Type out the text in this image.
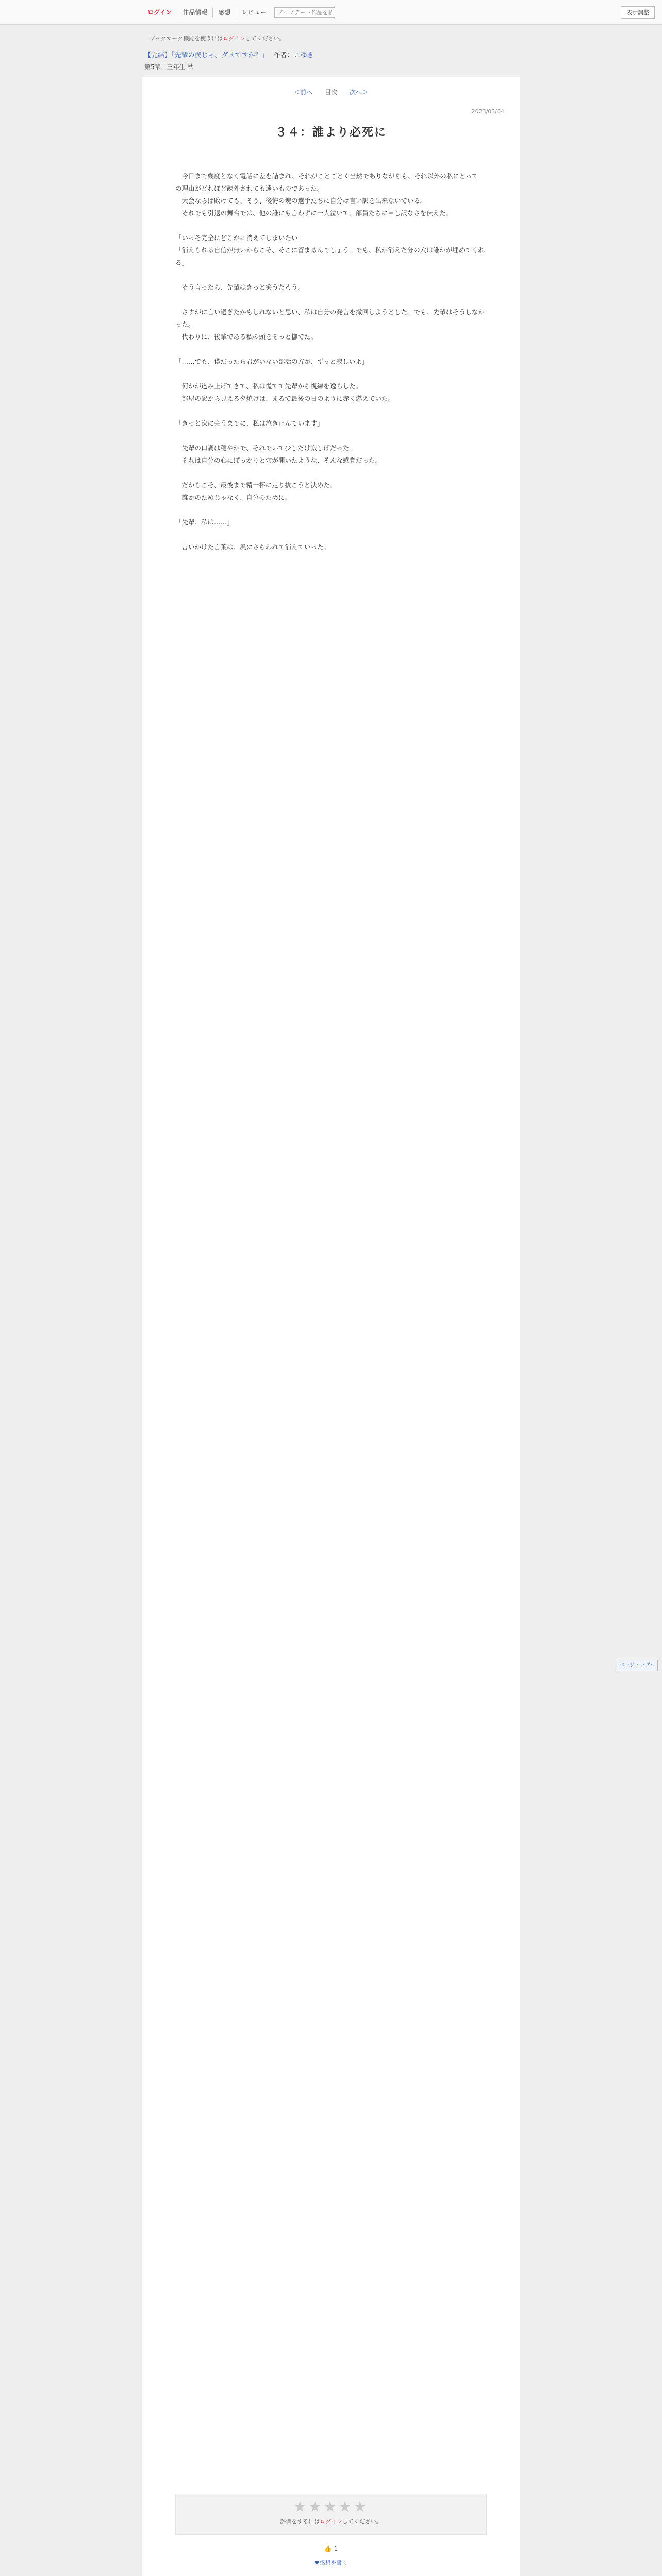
ログイン	作品情報	感想	レビュー
アップデート作品を検索	表示調整
ブックマーク機能を使うにはログインしてください。
【完結】「先輩の僕じゃ、ダメですか？」 作者：こゆき
第5章：三年生 秋
＜前へ 目次 次へ＞
2023/03/04
３４：誰より必死に
　今日まで幾度となく電話に差を詰まれ、それがことごとく当然でありながらも、それ以外の私にとっての理由がどれほど疎外されても遠いものであった。
　大会ならば敗けても、そう、後悔の塊の選手たちに自分は言い訳を出来ないでいる。
　それでも引退の舞台では、他の誰にも言わずに一人泣いて、部員たちに申し訳なさを伝えた。

「いっそ完全にどこかに消えてしまいたい」
「消えられる自信が無いからこそ、そこに留まるんでしょう。でも、私が消えた分の穴は誰かが埋めてくれる」

　そう言ったら、先輩はきっと笑うだろう。

　さすがに言い過ぎたかもしれないと思い、私は自分の発言を撤回しようとした。でも、先輩はそうしなかった。
　代わりに、後輩である私の頭をそっと撫でた。

「……でも、僕だったら君がいない部活の方が、ずっと寂しいよ」

　何かが込み上げてきて、私は慌てて先輩から視線を逸らした。
　部屋の窓から見える夕焼けは、まるで最後の日のように赤く燃えていた。

「きっと次に会うまでに、私は泣き止んでいます」

　先輩の口調は穏やかで、それでいて少しだけ寂しげだった。
　それは自分の心にぽっかりと穴が開いたような、そんな感覚だった。

　だからこそ、最後まで精一杯に走り抜こうと決めた。
　誰かのためじゃなく、自分のために。

「先輩、私は……」

　言いかけた言葉は、風にさらわれて消えていった。
★★★★★
評価をするにはログインしてください。
👍 1
♥感想を書く
ページトップへ
